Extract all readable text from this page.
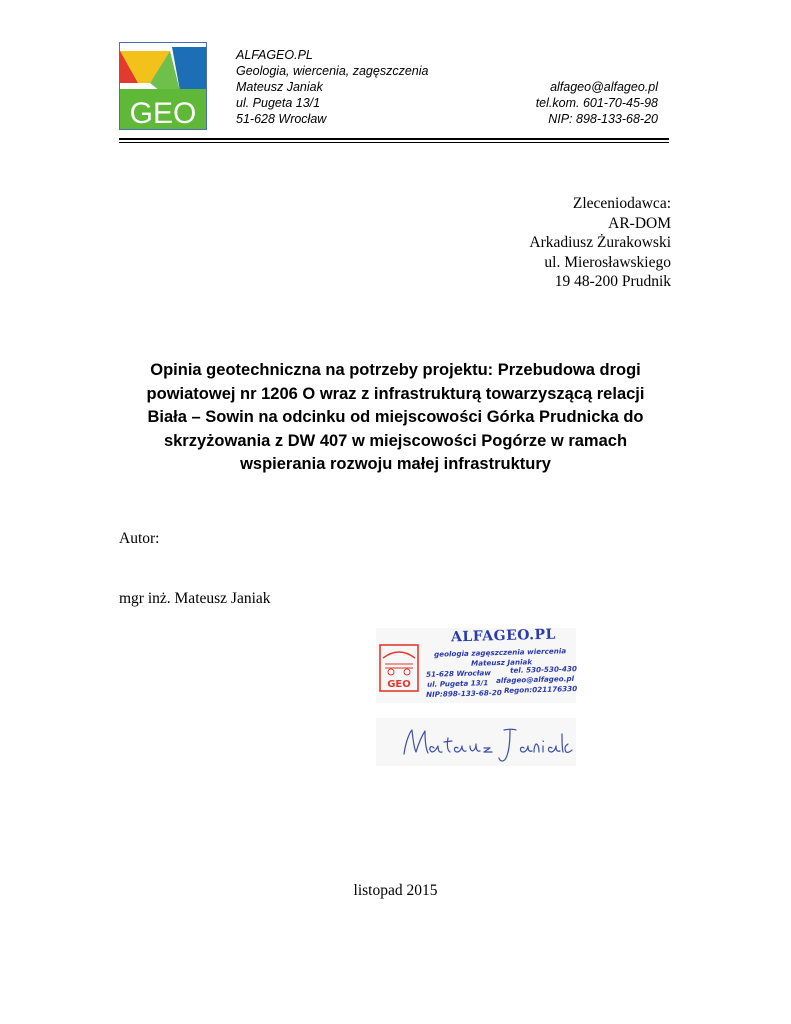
GEO
ALFAGEO.PL
Geologia, wiercenia, zagęszczenia
Mateusz Janiak
ul. Pugeta 13/1
51-628 Wrocław
alfageo@alfageo.pl
tel.kom. 601-70-45-98
NIP: 898-133-68-20
Zleceniodawca:
AR-DOM
Arkadiusz Żurakowski
ul. Mierosławskiego
19 48-200 Prudnik
Opinia geotechniczna na potrzeby projektu: Przebudowa drogi
powiatowej nr 1206 O wraz z infrastrukturą towarzyszącą relacji
Biała – Sowin na odcinku od miejscowości Górka Prudnicka do
skrzyżowania z DW 407 w miejscowości Pogórze w ramach
wspierania rozwoju małej infrastruktury
Autor:
mgr inż. Mateusz Janiak
GEO
ALFAGEO.PL
geologia zagęszczenia wiercenia
Mateusz Janiak
51-628 Wrocław	tel. 530-530-430
ul. Pugeta 13/1 alfageo@alfageo.pl
NIP:898-133-68-20 Regon:021176330
listopad 2015
